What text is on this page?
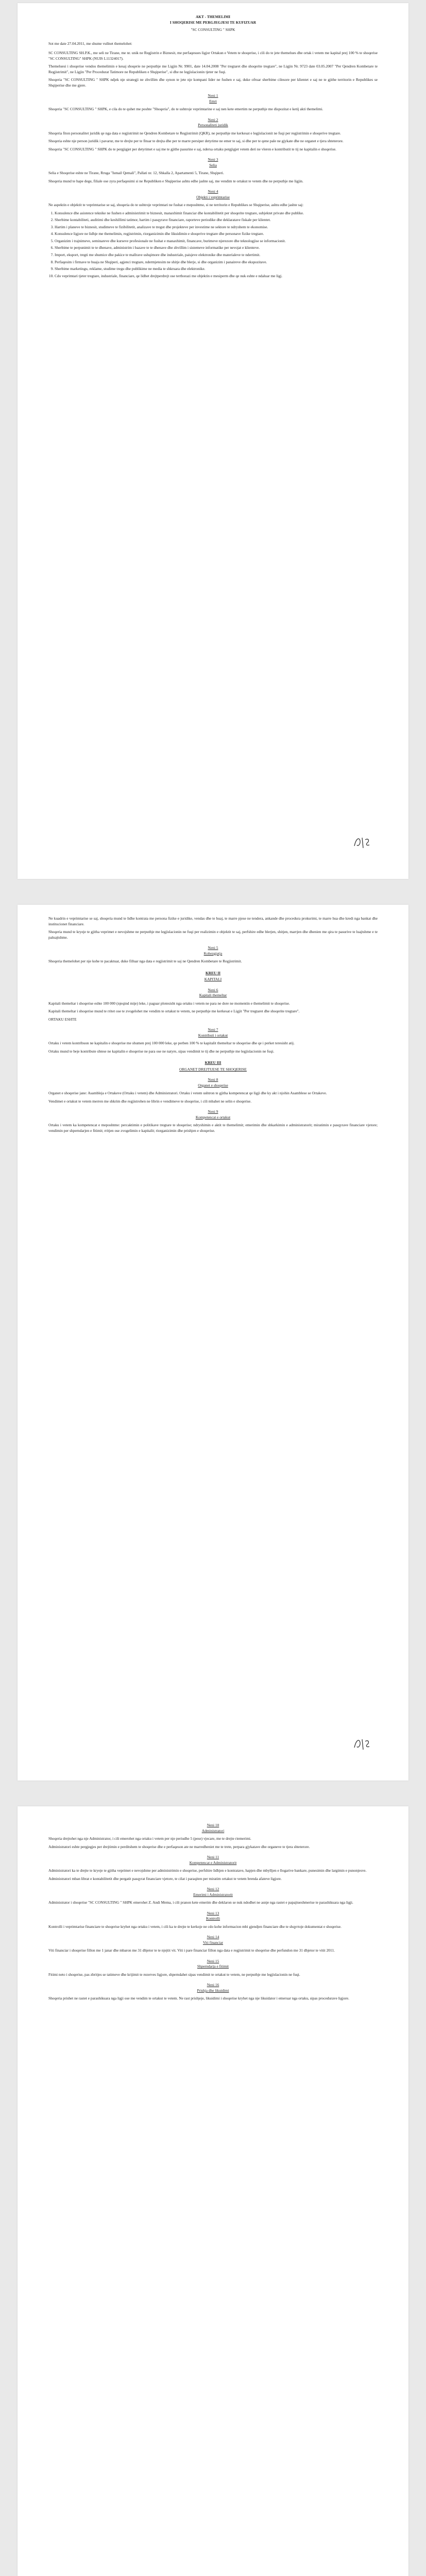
AKT - THEMELIMI
I SHOQERISE ME PERGJEGJESI TE KUFIZUAR
"SC CONSULTING " SHPK

Sot me date 27.04.2011, me shume vullnet themelohet:

SC CONSULTING SH.P.K., me seli ne Tirane, me nr. unik ne Regjistrin e Biznesit, me perfaqesues ligjor Ortakun e Vetem te shoqerise, i cili do te jete themelues dhe ortak i vetem me kapital prej 100 % te shoqerise "SC CONSULTING" SHPK (NUIS L11324017).

Themeluesi i shoqerise vendos themelimin e kesaj shoqerie ne perputhje me Ligjin Nr. 9901, date 14.04.2008 "Per tregtaret dhe shoqerite tregtare", ne Ligjin Nr. 9723 date 03.05.2007 "Per Qendren Kombetare te Regjistrimit", ne Ligjin "Per Procedurat Tatimore ne Republiken e Shqiperise", si dhe ne legjislacionin tjeter ne fuqi.

Shoqeria "SC CONSULTING " SHPK ndjek nje strategji ne zhvillim dhe synon te jete nje kompani lider ne fushen e saj, duke ofruar sherbime cilesore per klientet e saj ne te gjithe territorin e Republikes se Shqiperise dhe me gjere.

Neni 1
Emri

Shoqeria "SC CONSULTING " SHPK, e cila do te quhet me poshte "Shoqeria", do te ushtroje veprimtarine e saj nen kete emertim ne perputhje me dispozitat e ketij akti themelimi.

Neni 2
Personaliteti juridik

Shoqeria fiton personalitet juridik qe nga data e regjistrimit ne Qendren Kombetare te Regjistrimit (QKR), ne perputhje me kerkesat e legjislacionit ne fuqi per regjistrimin e shoqerive tregtare.

Shoqeria eshte nje person juridik i pavarur, me te drejte per te fituar te drejta dhe per te marre persiper detyrime ne emer te saj, si dhe per te qene pale ne gjykate dhe ne organet e tjera shteterore.

Shoqeria "SC CONSULTING " SHPK do te pergjigjet per detyrimet e saj me te gjithe pasurine e saj, ndersa ortaku pergjigjet vetem deri ne vleren e kontributit te tij ne kapitalin e shoqerise.

Neni 3
Selia

Selia e Shoqerise eshte ne Tirane, Rruga "Ismail Qemali", Pallati nr. 12, Shkalla 2, Apartamenti 5, Tirane, Shqiperi.

Shoqeria mund te hape dege, filiale ose zyra perfaqesimi si ne Republiken e Shqiperise ashtu edhe jashte saj, me vendim te ortakut te vetem dhe ne perputhje me ligjin.

Neni 4
Objekti i veprimtarise

Ne aspektin e objektit te veprimtarise se saj, shoqeria do te ushtroje veprimtari ne fushat e meposhtme, si ne territorin e Republikes se Shqiperise, ashtu edhe jashte saj:

1. Konsulence dhe asistence teknike ne fushen e administrimit te biznesit, manaxhimit financiar dhe kontabilitetit per shoqerite tregtare, subjektet private dhe publike.
2. Sherbime kontabiliteti, auditimi dhe keshillimi tatimor, hartim i pasqyrave financiare, raporteve periodike dhe deklaratave fiskale per klientet.
3. Hartim i planeve te biznesit, studimeve te fizibilitetit, analizave te tregut dhe projekteve per investime ne sektore te ndryshem te ekonomise.
4. Konsulence ligjore ne lidhje me themelimin, regjistrimin, riorganizimin dhe likuidimin e shoqerive tregtare dhe personave fizike tregtare.
5. Organizim i trajnimeve, seminareve dhe kurseve profesionale ne fushat e manaxhimit, financave, burimeve njerezore dhe teknologjise se informacionit.
6. Sherbime te perpunimit te te dhenave, administrim i bazave te te dhenave dhe zhvillim i sistemeve informatike per nevojat e klienteve.
7. Import, eksport, tregti me shumice dhe pakice te mallrave ushqimore dhe industriale, paisjeve elektronike dhe materialeve te ndertimit.
8. Perfaqesim i firmave te huaja ne Shqiperi, agjenci tregtare, ndermjetesim ne shitje dhe blerje, si dhe organizim i panaireve dhe ekspozitave.
9. Sherbime marketingu, reklame, studime tregu dhe publikime ne media te shkruara dhe elektronike.
10. Cdo veprimtari tjeter tregtare, industriale, financiare, qe lidhet drejtperdrejt ose terthorazi me objektin e mesiperm dhe qe nuk eshte e ndaluar me ligj.

Ne kuadrin e veprimtarise se saj, shoqeria mund te lidhe kontrata me persona fizike e juridike, vendas dhe te huaj, te marre pjese ne tendera, ankande dhe procedura prokurimi, te marre hua dhe kredi nga bankat dhe institucionet financiare.

Shoqeria mund te kryeje te gjitha veprimet e nevojshme ne perputhje me legjislacionin ne fuqi per realizimin e objektit te saj, perfshire edhe blerjen, shitjen, marrjen dhe dhenien me qira te pasurive te luajtshme e te paluajtshme.

Neni 5
Kohezgjatja

Shoqeria themelohet per nje kohe te pacaktuar, duke filluar nga data e regjistrimit te saj ne Qendren Kombetare te Regjistrimit.

KREU II
KAPITALI
Neni 6
Kapitali themeltar

Kapitali themeltar i shoqerise eshte 100 000 (njeqind mije) leke, i paguar plotesisht nga ortaku i vetem ne para ne dore ne momentin e themelimit te shoqerise.

Kapitali themeltar i shoqerise mund te rritet ose te zvogelohet me vendim te ortakut te vetem, ne perputhje me kerkesat e Ligjit "Per tregtaret dhe shoqerite tregtare".

ORTAKU ESHTE

Neni 7
Kontributi i ortakut

Ortaku i vetem kontribuon ne kapitalin e shoqerise me shumen prej 100 000 leke, qe perben 100 % te kapitalit themeltar te shoqerise dhe qe i perket teresisht atij.

Ortaku mund te beje kontribute shtese ne kapitalin e shoqerise ne para ose ne natyre, sipas vendimit te tij dhe ne perputhje me legjislacionin ne fuqi.

KREU III
ORGANET DREJTUESE TE SHOQERISE
Neni 8
Organet e shoqerise

Organet e shoqerise jane: Asambleja e Ortakeve (Ortaku i vetem) dhe Administratori. Ortaku i vetem ushtron te gjitha kompetencat qe ligji dhe ky akt i njohin Asamblese se Ortakeve.

Vendimet e ortakut te vetem merren me shkrim dhe regjistrohen ne librin e vendimeve te shoqerise, i cili mbahet ne selin e shoqerise.

Neni 9
Kompetencat e ortakut

Ortaku i vetem ka kompetencat e meposhtme: percaktimin e politikave tregtare te shoqerise; ndryshimin e aktit te themelimit; emerimin dhe shkarkimin e administratorit; miratimin e pasqyrave financiare vjetore; vendimin per shperndarjen e fitimit; rritjen ose zvogelimin e kapitalit; riorganizimin dhe prishjen e shoqerise.

Neni 10
Administratori

Shoqeria drejtohet nga nje Administrator, i cili emerohet nga ortaku i vetem per nje periudhe 5 (pese) vjecare, me te drejte riemerimi.

Administratori eshte pergjegjes per drejtimin e perditshem te shoqerise dhe e perfaqeson ate ne marredheniet me te trete, perpara gjykatave dhe organeve te tjera shteterore.

Neni 11
Kompetencat e Administratorit

Administratori ka te drejte te kryeje te gjitha veprimet e nevojshme per administrimin e shoqerise, perfshire lidhjen e kontratave, hapjen dhe mbylljen e llogarive bankare, punesimin dhe largimin e punonjesve.

Administratori mban librat e kontabilitetit dhe pergatit pasqyrat financiare vjetore, te cilat i paraqiten per miratim ortakut te vetem brenda afateve ligjore.

Neni 12
Emerimi i Administratorit

Administrator i shoqerise "SC CONSULTING " SHPK emerohet Z. Andi Mema, i cili pranon kete emerim dhe deklaron se nuk ndodhet ne asnje nga rastet e papajtueshmerise te parashikuara nga ligji.

Neni 13
Kontrolli

Kontrolli i veprimtarise financiare te shoqerise kryhet nga ortaku i vetem, i cili ka te drejte te kerkoje ne cdo kohe informacion mbi gjendjen financiare dhe te shqyrtoje dokumentat e shoqerise.

Neni 14
Viti financiar

Viti financiar i shoqerise fillon me 1 janar dhe mbaron me 31 dhjetor te te njejtit vit. Viti i pare financiar fillon nga data e regjistrimit te shoqerise dhe perfundon me 31 dhjetor te vitit 2011.

Neni 15
Shperndarja e fitimit

Fitimi neto i shoqerise, pas zbritjes se tatimeve dhe krijimit te rezerves ligjore, shperndahet sipas vendimit te ortakut te vetem, ne perputhje me legjislacionin ne fuqi.

Neni 16
Prishja dhe likuidimi

Shoqeria prishet ne rastet e parashikuara nga ligji ose me vendim te ortakut te vetem. Ne rast prishjeje, likuidimi i shoqerise kryhet nga nje likuidator i emeruar nga ortaku, sipas procedurave ligjore.
